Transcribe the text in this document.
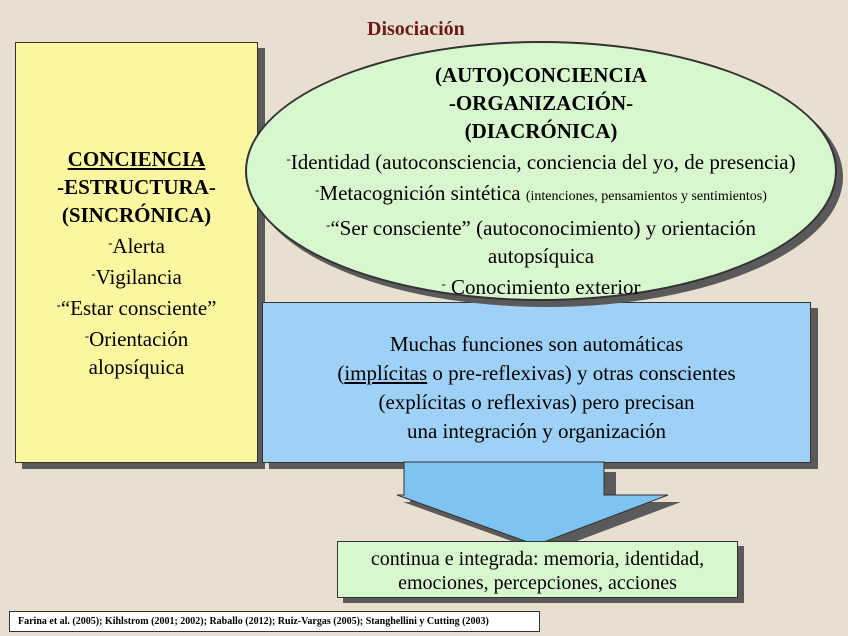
Disociación
CONCIENCIA
-ESTRUCTURA-
(SINCRÓNICA)
-Alerta
-Vigilancia
-“Estar consciente”
-Orientación
alopsíquica
Muchas funciones son automáticas
(implícitas o pre-reflexivas) y otras conscientes
(explícitas o reflexivas) pero precisan
una integración y organización
(AUTO)CONCIENCIA
-ORGANIZACIÓN-
(DIACRÓNICA)
-Identidad (autoconsciencia, conciencia del yo, de presencia)
-Metacognición sintética (intenciones, pensamientos y sentimientos)
-“Ser consciente” (autoconocimiento) y orientación
autopsíquica
- Conocimiento exterior
continua e integrada: memoria, identidad,
emociones, percepciones, acciones
Farina et al. (2005); Kihlstrom (2001; 2002); Raballo (2012); Ruiz-Vargas (2005); Stanghellini y Cutting (2003)
